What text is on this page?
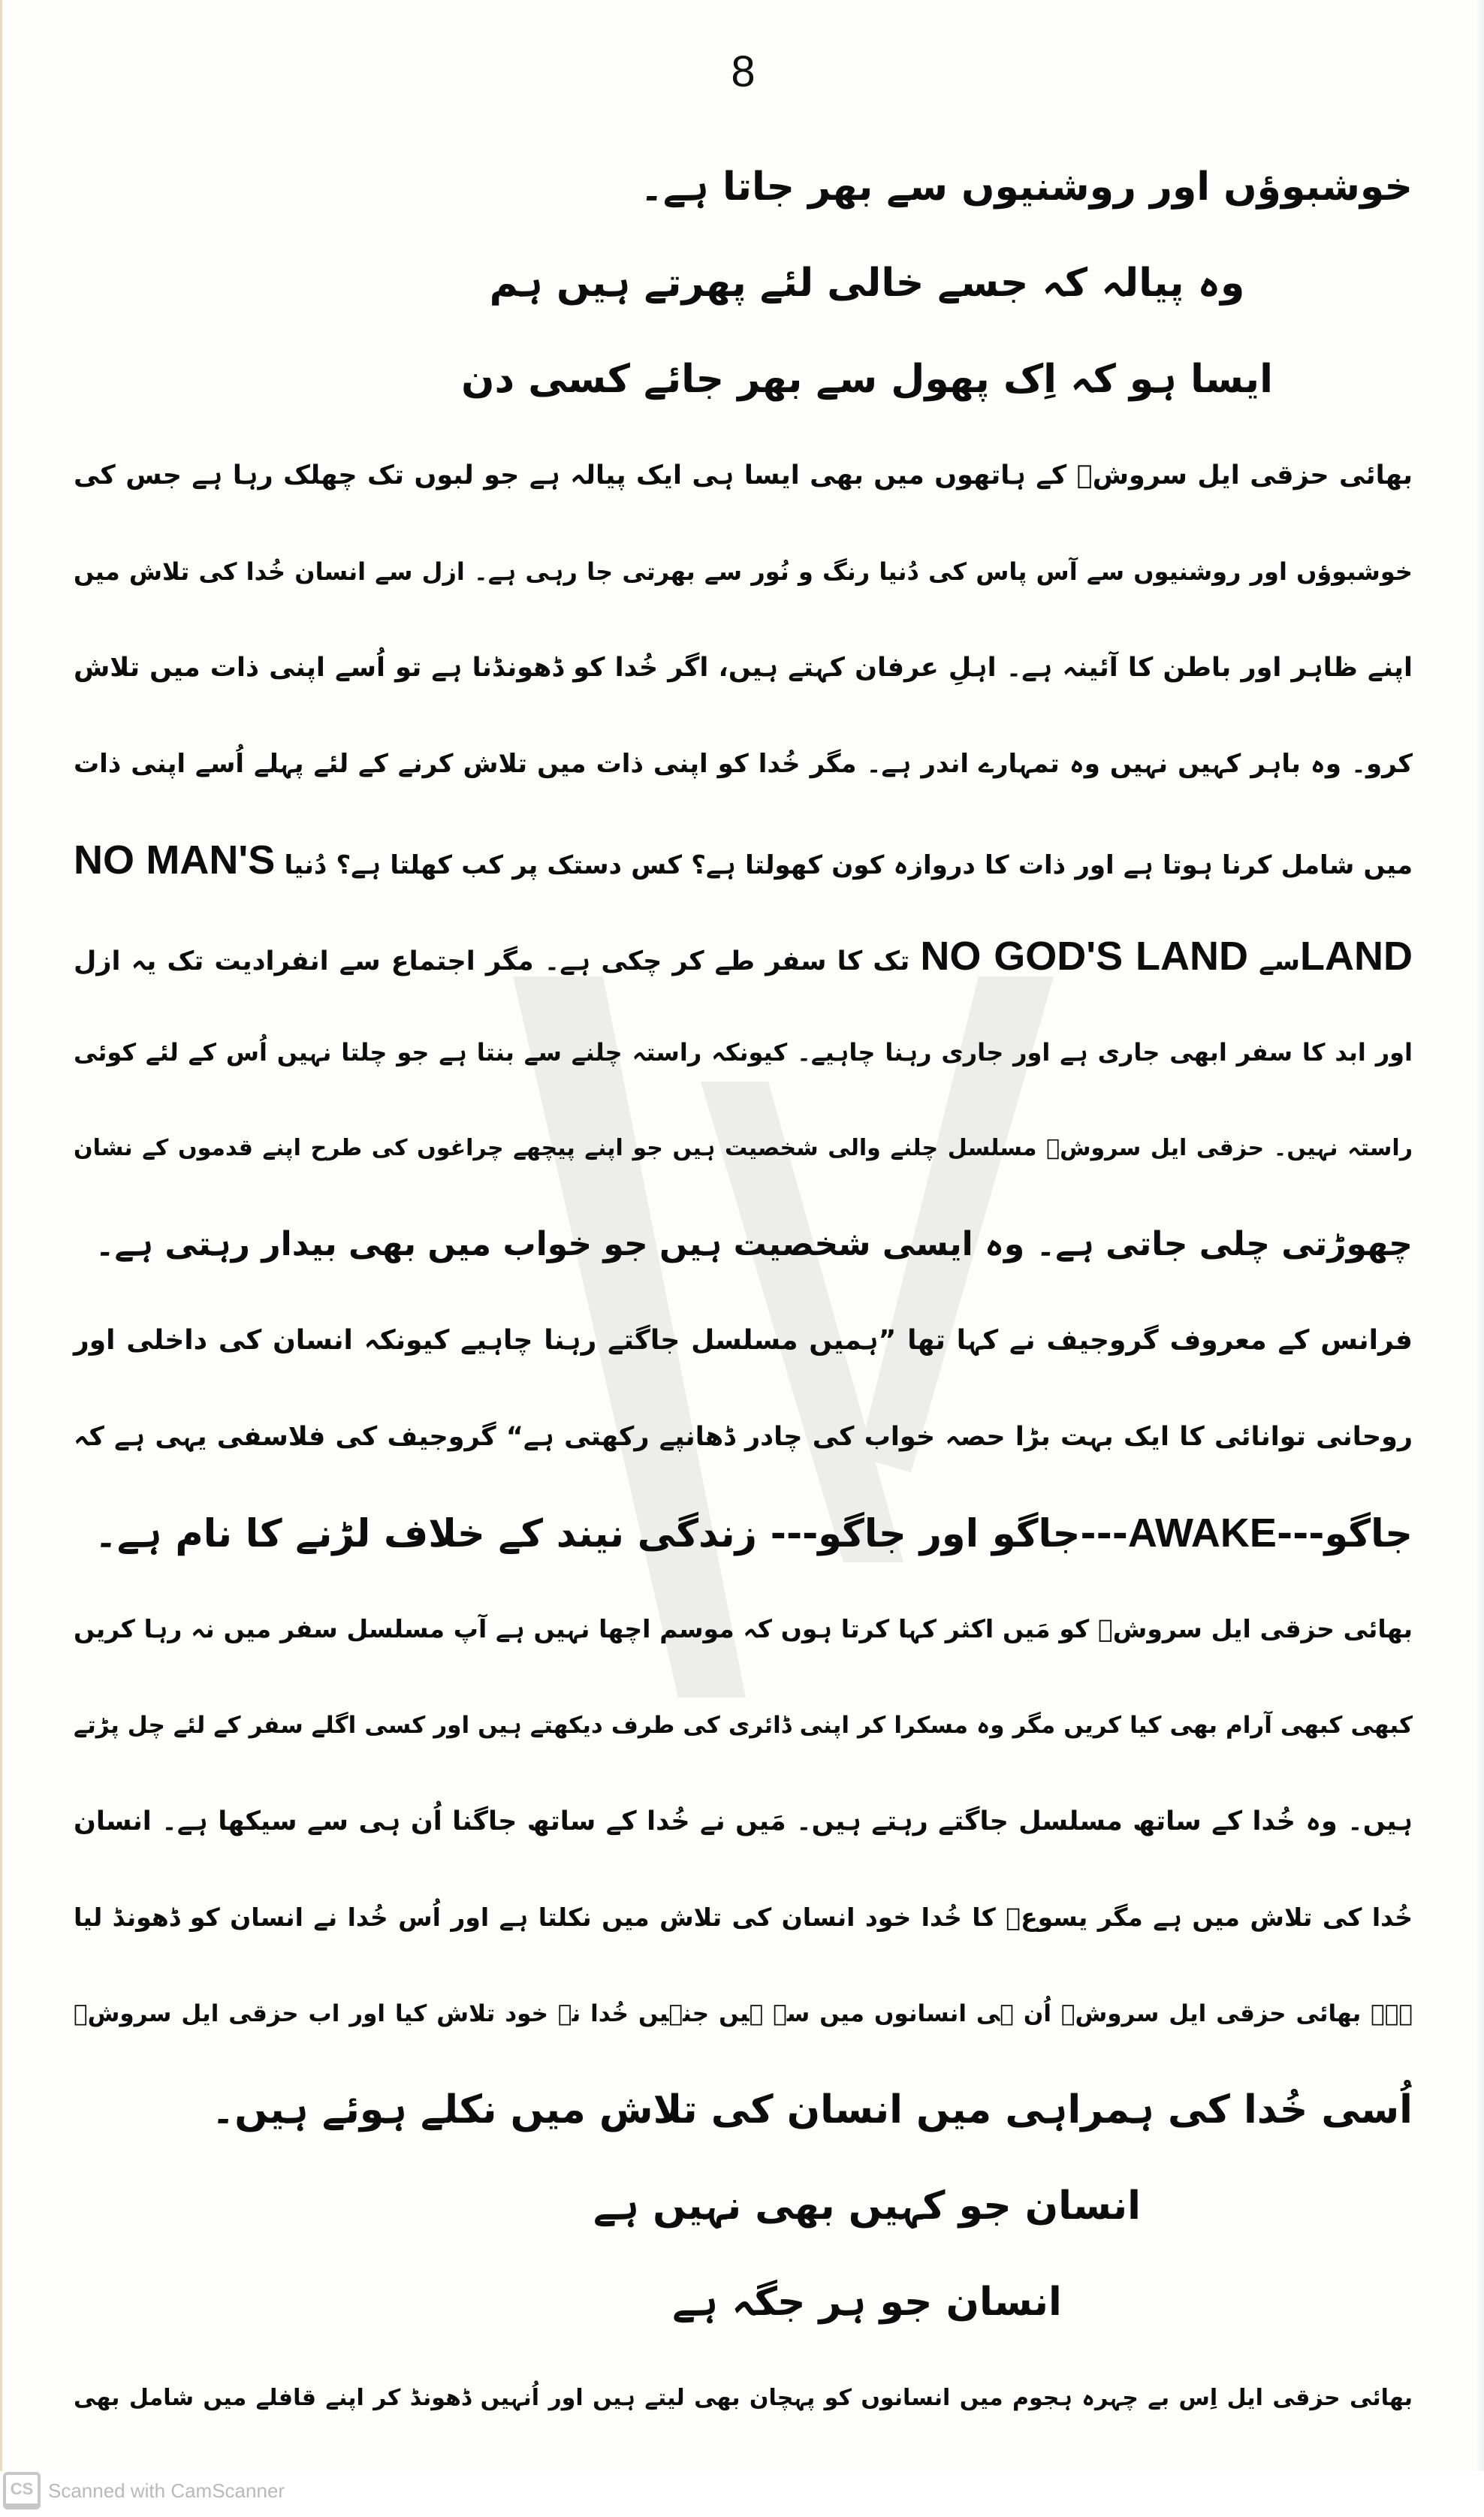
8
خوشبوؤں اور روشنیوں سے بھر جاتا ہے۔
وہ پیالہ کہ جسے خالی لئے پھرتے ہیں ہم
ایسا ہو کہ اِک پھول سے بھر جائے کسی دن
بھائی حزقی ایل سروشؔ کے ہاتھوں میں بھی ایسا ہی ایک پیالہ ہے جو لبوں تک چھلک رہا ہے جس کی
خوشبوؤں اور روشنیوں سے آس پاس کی دُنیا رنگ و نُور سے بھرتی جا رہی ہے۔ ازل سے انسان خُدا کی تلاش میں
اپنے ظاہر اور باطن کا آئینہ ہے۔ اہلِ عرفان کہتے ہیں، اگر خُدا کو ڈھونڈنا ہے تو اُسے اپنی ذات میں تلاش
کرو۔ وہ باہر کہیں نہیں وہ تمہارے اندر ہے۔ مگر خُدا کو اپنی ذات میں تلاش کرنے کے لئے پہلے اُسے اپنی ذات
میں شامل کرنا ہوتا ہے اور ذات کا دروازہ کون کھولتا ہے؟ کس دستک پر کب کھلتا ہے؟ دُنیا NO MAN'S
LANDسے NO GOD'S LAND تک کا سفر طے کر چکی ہے۔ مگر اجتماع سے انفرادیت تک یہ ازل
اور ابد کا سفر ابھی جاری ہے اور جاری رہنا چاہیے۔ کیونکہ راستہ چلنے سے بنتا ہے جو چلتا نہیں اُس کے لئے کوئی
راستہ نہیں۔ حزقی ایل سروشؔ مسلسل چلنے والی شخصیت ہیں جو اپنے پیچھے چراغوں کی طرح اپنے قدموں کے نشان
چھوڑتی چلی جاتی ہے۔ وہ ایسی شخصیت ہیں جو خواب میں بھی بیدار رہتی ہے۔
فرانس کے معروف گروجیف نے کہا تھا ”ہمیں مسلسل جاگتے رہنا چاہیے کیونکہ انسان کی داخلی اور
روحانی توانائی کا ایک بہت بڑا حصہ خواب کی چادر ڈھانپے رکھتی ہے“ گروجیف کی فلاسفی یہی ہے کہ
جاگو---AWAKE---جاگو اور جاگو--- زندگی نیند کے خلاف لڑنے کا نام ہے۔
بھائی حزقی ایل سروشؔ کو مَیں اکثر کہا کرتا ہوں کہ موسم اچھا نہیں ہے آپ مسلسل سفر میں نہ رہا کریں
کبھی کبھی آرام بھی کیا کریں مگر وہ مسکرا کر اپنی ڈائری کی طرف دیکھتے ہیں اور کسی اگلے سفر کے لئے چل پڑتے
ہیں۔ وہ خُدا کے ساتھ مسلسل جاگتے رہتے ہیں۔ مَیں نے خُدا کے ساتھ جاگنا اُن ہی سے سیکھا ہے۔ انسان
خُدا کی تلاش میں ہے مگر یسوعؑ کا خُدا خود انسان کی تلاش میں نکلتا ہے اور اُس خُدا نے انسان کو ڈھونڈ لیا
ہے۔ بھائی حزقی ایل سروشؔ اُن ہی انسانوں میں سے ہیں جنہیں خُدا نے خود تلاش کیا اور اب حزقی ایل سروشؔ
اُسی خُدا کی ہمراہی میں انسان کی تلاش میں نکلے ہوئے ہیں۔
انسان جو کہیں بھی نہیں ہے
انسان جو ہر جگہ ہے
بھائی حزقی ایل اِس بے چہرہ ہجوم میں انسانوں کو پہچان بھی لیتے ہیں اور اُنہیں ڈھونڈ کر اپنے قافلے میں شامل بھی
CS Scanned with CamScanner
